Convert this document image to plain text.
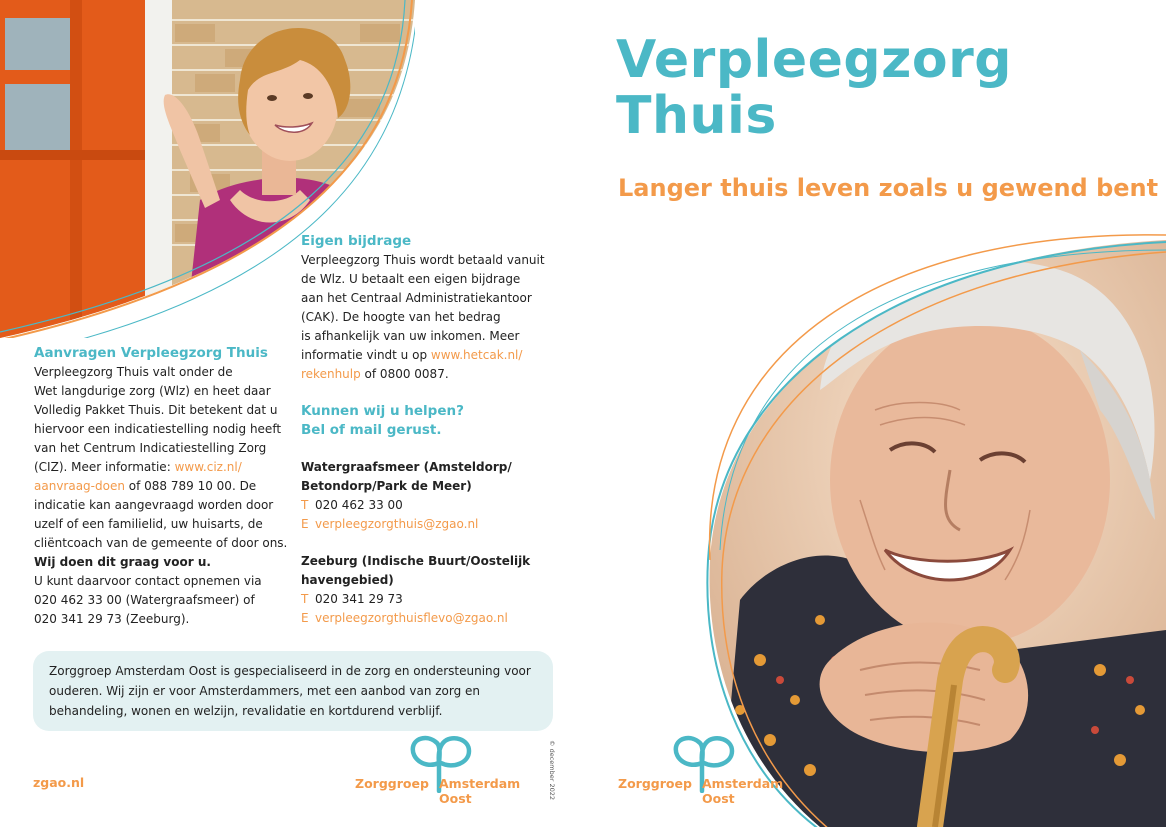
Aanvragen Verpleegzorg Thuis
Verpleegzorg Thuis valt onder de
Wet langdurige zorg (Wlz) en heet daar
Volledig Pakket Thuis. Dit betekent dat u
hiervoor een indicatiestelling nodig heeft
van het Centrum Indicatiestelling Zorg
(CIZ). Meer informatie: www.ciz.nl/
aanvraag-doen of 088 789 10 00. De
indicatie kan aangevraagd worden door
uzelf of een familielid, uw huisarts, de
cliëntcoach van de gemeente of door ons.
Wij doen dit graag voor u.
U kunt daarvoor contact opnemen via
020 462 33 00 (Watergraafsmeer) of
020 341 29 73 (Zeeburg).
Eigen bijdrage
Verpleegzorg Thuis wordt betaald vanuit
de Wlz. U betaalt een eigen bijdrage
aan het Centraal Administratiekantoor
(CAK). De hoogte van het bedrag
is afhankelijk van uw inkomen. Meer
informatie vindt u op www.hetcak.nl/
rekenhulp of 0800 0087.
Kunnen wij u helpen?
Bel of mail gerust.
Watergraafsmeer (Amsteldorp/
Betondorp/Park de Meer)
T 020 462 33 00
E verpleegzorgthuis@zgao.nl
Zeeburg (Indische Buurt/Oostelijk
havengebied)
T 020 341 29 73
E verpleegzorgthuisflevo@zgao.nl
Zorggroep Amsterdam Oost is gespecialiseerd in de zorg en ondersteuning voor ouderen. Wij zijn er voor Amsterdammers, met een aanbod van zorg en behandeling, wonen en welzijn, revalidatie en kortdurend verblijf.
zgao.nl	Zorggroep Amsterdam Oost	© december 2022
Verpleegzorg
Thuis
Langer thuis leven zoals u gewend bent
Zorggroep Amsterdam Oost
